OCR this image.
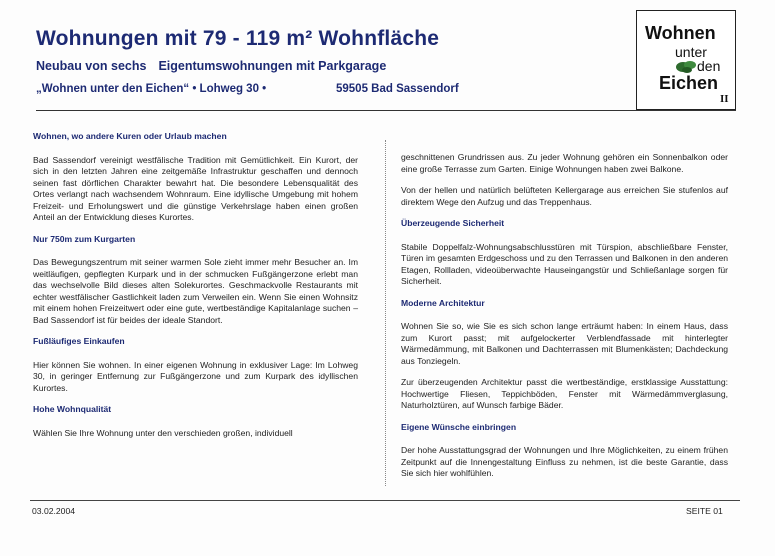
Wohnungen mit 79 - 119 m² Wohnfläche
Neubau von sechs Eigentumswohnungen mit Parkgarage
„Wohnen unter den Eichen“ • Lohweg 30 •	59505 Bad Sassendorf
Wohnen
unter
den
Eichen
II
Wohnen, wo andere Kuren oder Urlaub machen

Bad Sassendorf vereinigt westfälische Tradition mit Gemütlichkeit. Ein Kurort, der sich in den letzten Jahren eine zeitgemäße Infrastruktur geschaffen und dennoch seinen fast dörflichen Charakter bewahrt hat. Die besondere Lebensqualität des Ortes verlangt nach wachsendem Wohnraum. Eine idyllische Umgebung mit hohem Freizeit- und Erholungswert und die günstige Verkehrslage haben einen großen Anteil an der Entwicklung dieses Kurortes.

Nur 750m zum Kurgarten

Das Bewegungszentrum mit seiner warmen Sole zieht immer mehr Besucher an. Im weitläufigen, gepflegten Kurpark und in der schmucken Fußgängerzone erlebt man das wechselvolle Bild dieses alten Solekurortes. Geschmackvolle Restaurants mit echter westfälischer Gastlichkeit laden zum Verweilen ein. Wenn Sie einen Wohnsitz mit einem hohen Freizeitwert oder eine gute, wertbeständige Kapitalanlage suchen – Bad Sassendorf ist für beides der ideale Standort.

Fußläufiges Einkaufen

Hier können Sie wohnen. In einer eigenen Wohnung in exklusiver Lage: Im Lohweg 30, in geringer Entfernung zur Fußgängerzone und zum Kurpark des idyllischen Kurortes.

Hohe Wohnqualität

Wählen Sie Ihre Wohnung unter den verschieden großen, individuell

geschnittenen Grundrissen aus. Zu jeder Wohnung gehören ein Sonnenbalkon oder eine große Terrasse zum Garten. Einige Wohnungen haben zwei Balkone.

Von der hellen und natürlich belüfteten Kellergarage aus erreichen Sie stufenlos auf direktem Wege den Aufzug und das Treppenhaus.

Überzeugende Sicherheit

Stabile Doppelfalz-Wohnungsabschlusstüren mit Türspion, abschließbare Fenster, Türen im gesamten Erdgeschoss und zu den Terrassen und Balkonen in den anderen Etagen, Rollladen, videoüberwachte Hauseingangstür und Schließanlage sorgen für Sicherheit.

Moderne Architektur

Wohnen Sie so, wie Sie es sich schon lange erträumt haben: In einem Haus, dass zum Kurort passt; mit aufgelockerter Verblendfassade mit hinterlegter Wärmedämmung, mit Balkonen und Dachterrassen mit Blumenkästen; Dachdeckung aus Tonziegeln.

Zur überzeugenden Architektur passt die wertbeständige, erstklassige Ausstattung: Hochwertige Fliesen, Teppichböden, Fenster mit Wärmedämmverglasung, Naturholztüren, auf Wunsch farbige Bäder.

Eigene Wünsche einbringen

Der hohe Ausstattungsgrad der Wohnungen und Ihre Möglichkeiten, zu einem frühen Zeitpunkt auf die Innengestaltung Einfluss zu nehmen, ist die beste Garantie, dass Sie sich hier wohlfühlen.

03.02.2004	SEITE 01
